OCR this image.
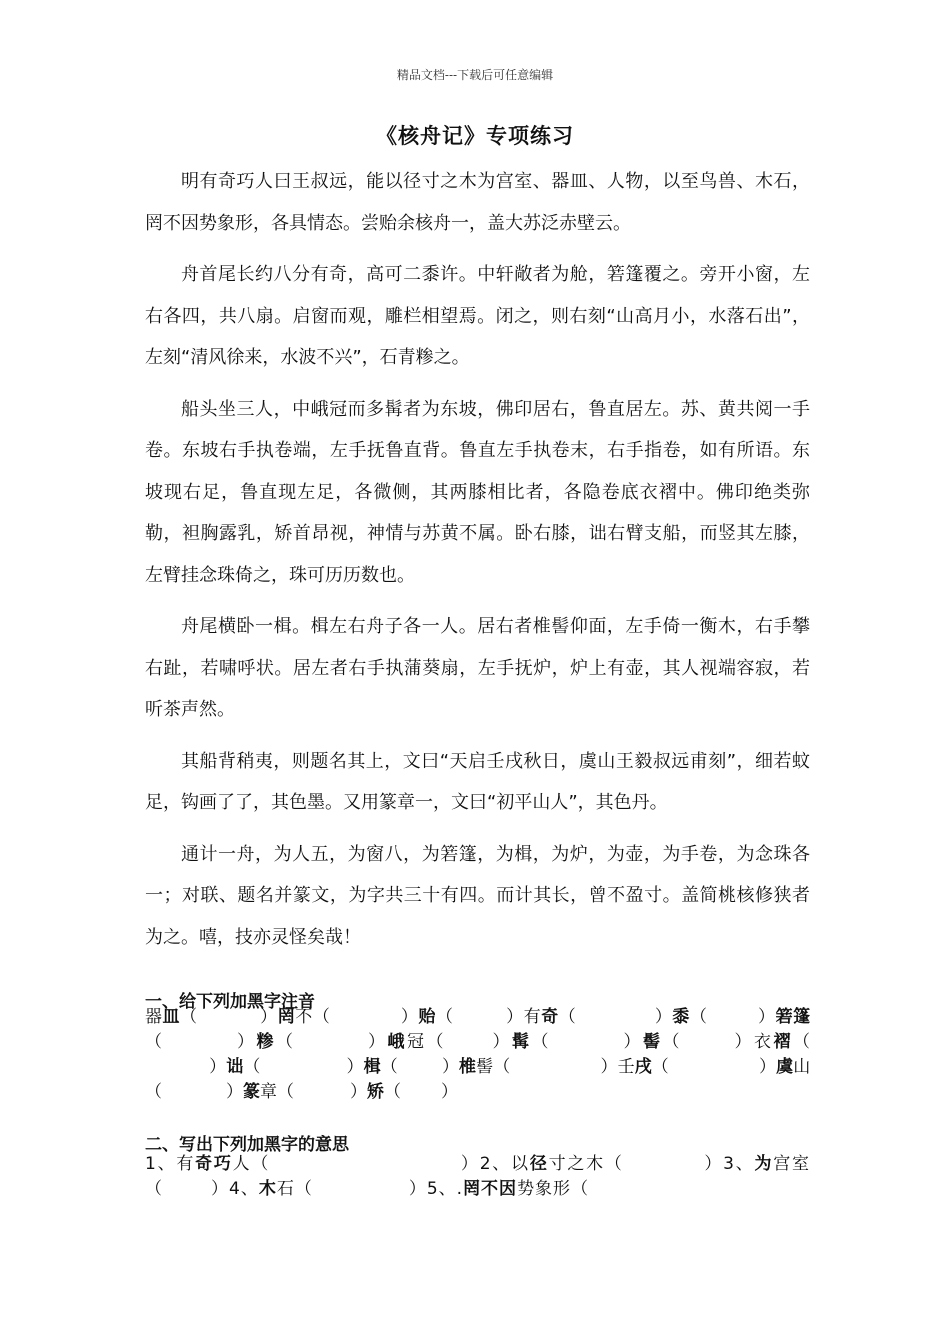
精品文档---下载后可任意编辑
《核舟记》专项练习

明有奇巧人曰王叔远，能以径寸之木为宫室、器皿、人物，以至鸟兽、木石，罔不因势象形，各具情态。尝贻余核舟一，盖大苏泛赤壁云。

舟首尾长约八分有奇，高可二黍许。中轩敞者为舱，箬篷覆之。旁开小窗，左右各四，共八扇。启窗而观，雕栏相望焉。闭之，则右刻“山高月小，水落石出”，左刻“清风徐来，水波不兴”，石青糁之。

船头坐三人，中峨冠而多髯者为东坡，佛印居右，鲁直居左。苏、黄共阅一手卷。东坡右手执卷端，左手抚鲁直背。鲁直左手执卷末，右手指卷，如有所语。东坡现右足，鲁直现左足，各微侧，其两膝相比者，各隐卷底衣褶中。佛印绝类弥勒，袒胸露乳，矫首昂视，神情与苏黄不属。卧右膝，诎右臂支船，而竖其左膝，左臂挂念珠倚之，珠可历历数也。

舟尾横卧一楫。楫左右舟子各一人。居右者椎髻仰面，左手倚一衡木，右手攀右趾，若啸呼状。居左者右手执蒲葵扇，左手抚炉，炉上有壶，其人视端容寂，若听茶声然。

其船背稍夷，则题名其上，文曰“天启壬戌秋日，虞山王毅叔远甫刻”，细若蚊足，钩画了了，其色墨。又用篆章一，文曰“初平山人”，其色丹。

通计一舟，为人五，为窗八，为箬篷，为楫，为炉，为壶，为手卷，为念珠各一；对联、题名并篆文，为字共三十有四。而计其长，曾不盈寸。盖简桃核修狭者为之。嘻，技亦灵怪矣哉！

一、给下列加黑字注音
器皿（	）罔不（	）贻（	）有奇（	）黍（	）箬篷（	）糁（	）峨冠（	）髯（	）髻（	）衣褶（）诎（	）楫（	）椎髻（	）壬戌（	）虞山（	）篆章（	）矫（ ）
二、写出下列加黑字的意思
1、有奇巧人（	）2、以径寸之木（	）3、为宫室（	）4、木石（	）5、.罔不因势象形（
